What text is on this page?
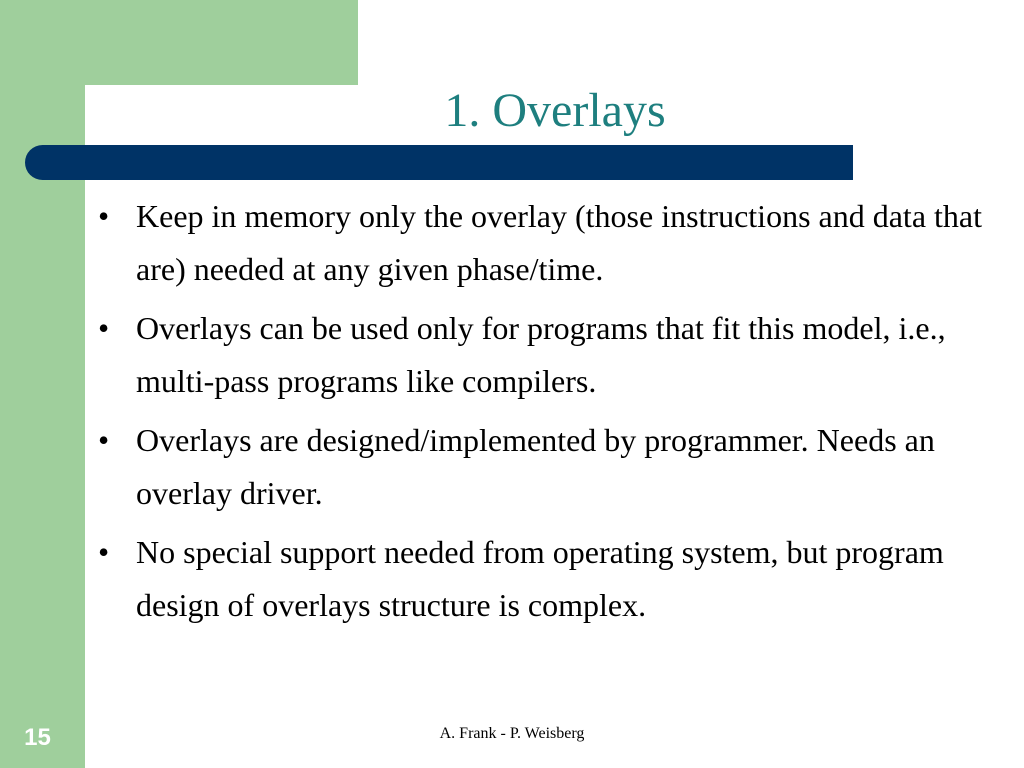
1. Overlays
• Keep in memory only the overlay (those instructions and data that are) needed at any given phase/time.
• Overlays can be used only for programs that fit this model, i.e., multi-pass programs like compilers.
• Overlays are designed/implemented by programmer. Needs an overlay driver.
• No special support needed from operating system, but program design of overlays structure is complex.
A. Frank - P. Weisberg
15
